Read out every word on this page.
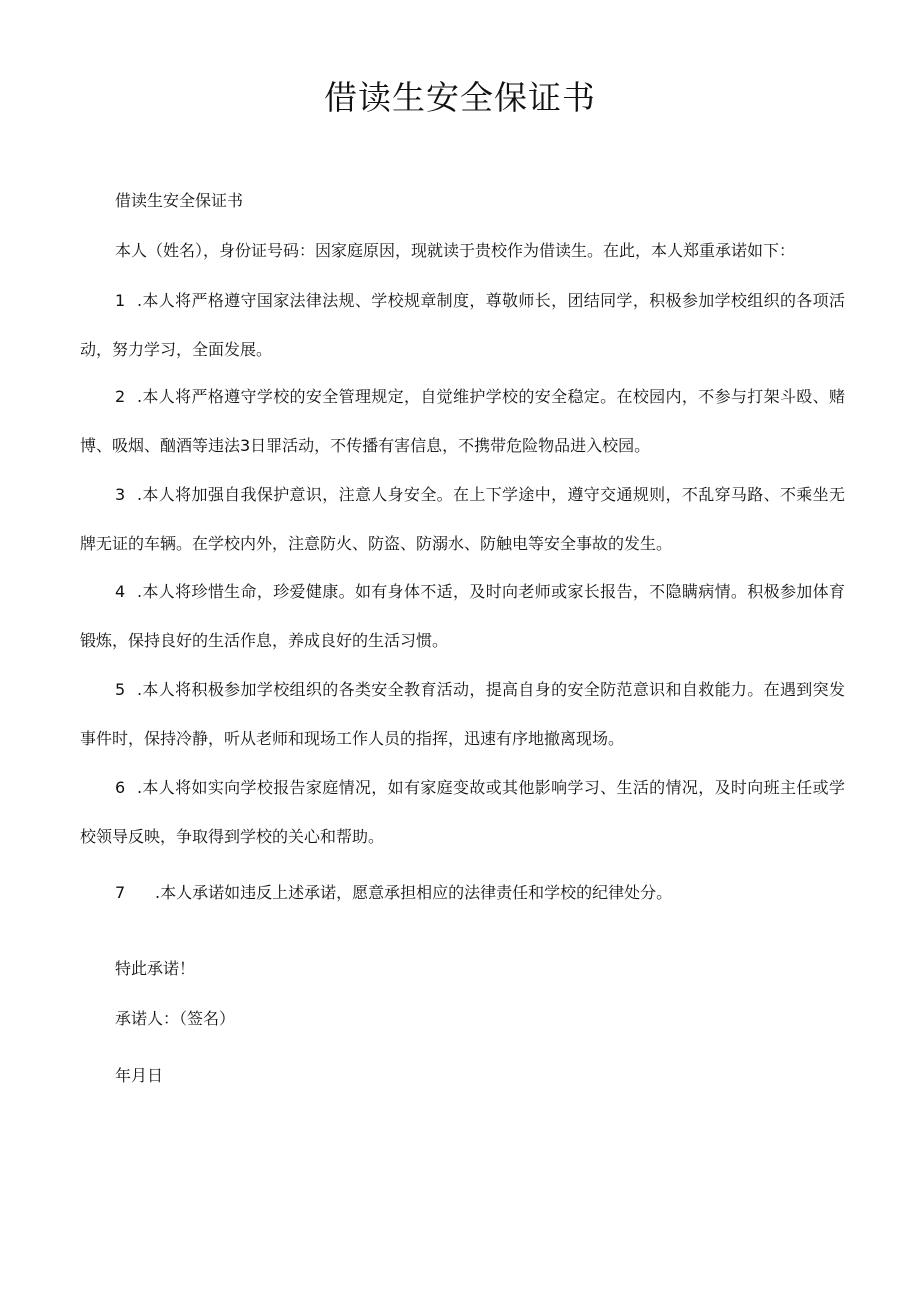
借读生安全保证书
借读生安全保证书
本人（姓名），身份证号码：因家庭原因，现就读于贵校作为借读生。在此，本人郑重承诺如下：
1 .本人将严格遵守国家法律法规、学校规章制度，尊敬师长，团结同学，积极参加学校组织的各项活动，努力学习，全面发展。
2 .本人将严格遵守学校的安全管理规定，自觉维护学校的安全稳定。在校园内，不参与打架斗殴、赌博、吸烟、酗酒等违法3日罪活动，不传播有害信息，不携带危险物品进入校园。
3 .本人将加强自我保护意识，注意人身安全。在上下学途中，遵守交通规则，不乱穿马路、不乘坐无牌无证的车辆。在学校内外，注意防火、防盗、防溺水、防触电等安全事故的发生。
4 .本人将珍惜生命，珍爱健康。如有身体不适，及时向老师或家长报告，不隐瞒病情。积极参加体育锻炼，保持良好的生活作息，养成良好的生活习惯。
5 .本人将积极参加学校组织的各类安全教育活动，提高自身的安全防范意识和自救能力。在遇到突发事件时，保持冷静，听从老师和现场工作人员的指挥，迅速有序地撤离现场。
6 .本人将如实向学校报告家庭情况，如有家庭变故或其他影响学习、生活的情况，及时向班主任或学校领导反映，争取得到学校的关心和帮助。
7 .本人承诺如违反上述承诺，愿意承担相应的法律责任和学校的纪律处分。
特此承诺！
承诺人：（签名）
年月日
